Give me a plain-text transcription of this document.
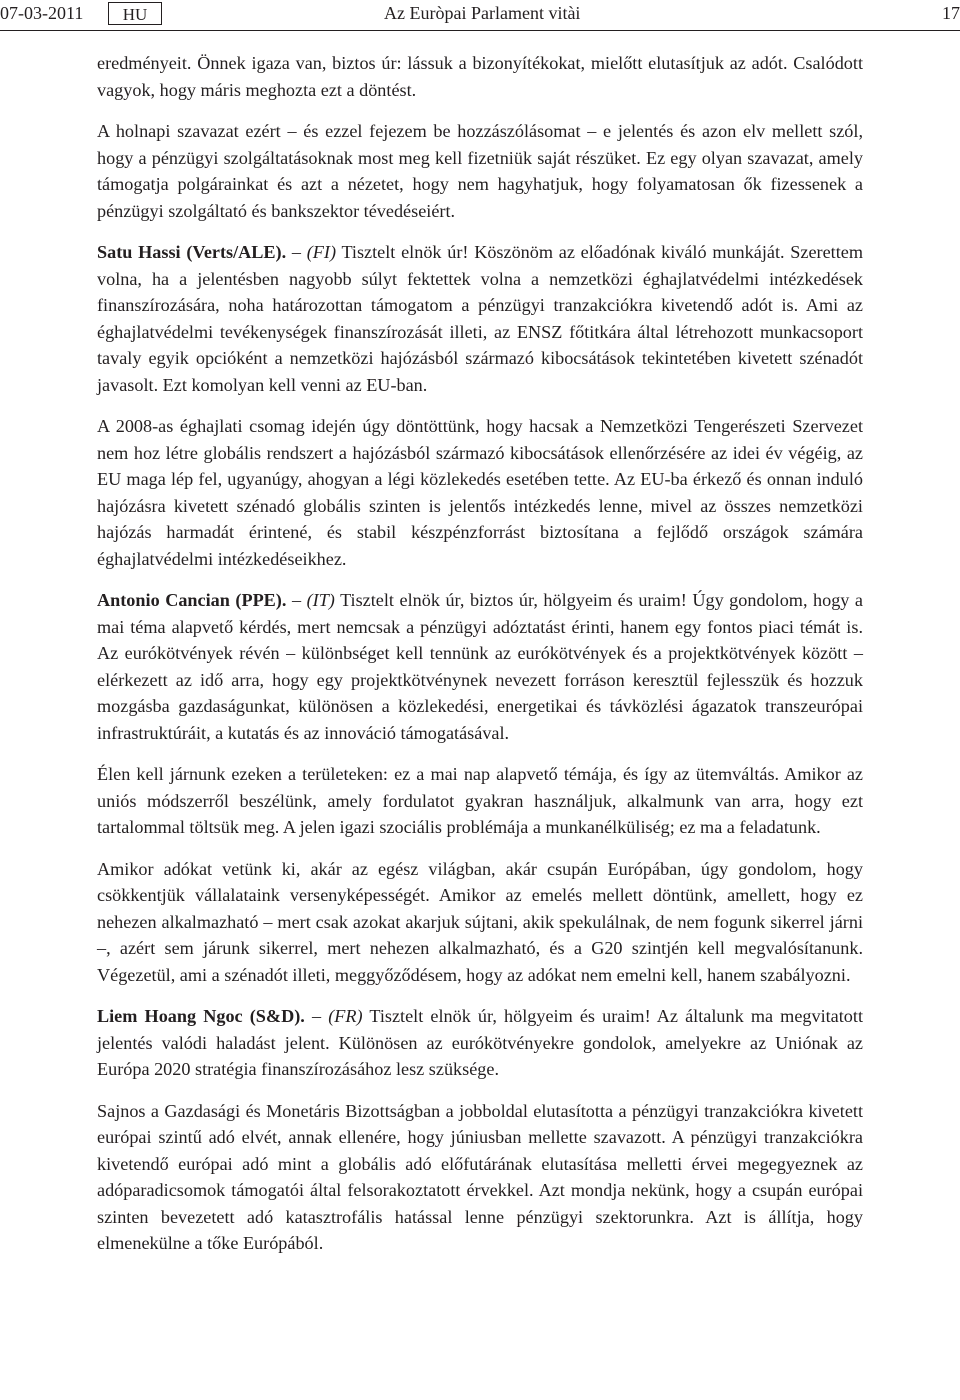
07-03-2011	HU	Az Euròpai Parlament vitài	17

eredményeit. Önnek igaza van, biztos úr: lássuk a bizonyítékokat, mielőtt elutasítjuk az adót. Csalódott vagyok, hogy máris meghozta ezt a döntést.

A holnapi szavazat ezért – és ezzel fejezem be hozzászólásomat – e jelentés és azon elv mellett szól, hogy a pénzügyi szolgáltatásoknak most meg kell fizetniük saját részüket. Ez egy olyan szavazat, amely támogatja polgárainkat és azt a nézetet, hogy nem hagyhatjuk, hogy folyamatosan ők fizessenek a pénzügyi szolgáltató és bankszektor tévedéseiért.

Satu Hassi (Verts/ALE). – (FI) Tisztelt elnök úr! Köszönöm az előadónak kiváló munkáját. Szerettem volna, ha a jelentésben nagyobb súlyt fektettek volna a nemzetközi éghajlatvédelmi intézkedések finanszírozására, noha határozottan támogatom a pénzügyi tranzakciókra kivetendő adót is. Ami az éghajlatvédelmi tevékenységek finanszírozását illeti, az ENSZ főtitkára által létrehozott munkacsoport tavaly egyik opcióként a nemzetközi hajózásból származó kibocsátások tekintetében kivetett szénadót javasolt. Ezt komolyan kell venni az EU-ban.

A 2008-as éghajlati csomag idején úgy döntöttünk, hogy hacsak a Nemzetközi Tengerészeti Szervezet nem hoz létre globális rendszert a hajózásból származó kibocsátások ellenőrzésére az idei év végéig, az EU maga lép fel, ugyanúgy, ahogyan a légi közlekedés esetében tette. Az EU-ba érkező és onnan induló hajózásra kivetett szénadó globális szinten is jelentős intézkedés lenne, mivel az összes nemzetközi hajózás harmadát érintené, és stabil készpénzforrást biztosítana a fejlődő országok számára éghajlatvédelmi intézkedéseikhez.

Antonio Cancian (PPE). – (IT) Tisztelt elnök úr, biztos úr, hölgyeim és uraim! Úgy gondolom, hogy a mai téma alapvető kérdés, mert nemcsak a pénzügyi adóztatást érinti, hanem egy fontos piaci témát is. Az eurókötvények révén – különbséget kell tennünk az eurókötvények és a projektkötvények között – elérkezett az idő arra, hogy egy projektkötvénynek nevezett forráson keresztül fejlesszük és hozzuk mozgásba gazdaságunkat, különösen a közlekedési, energetikai és távközlési ágazatok transzeurópai infrastruktúráit, a kutatás és az innováció támogatásával.

Élen kell járnunk ezeken a területeken: ez a mai nap alapvető témája, és így az ütemváltás. Amikor az uniós módszerről beszélünk, amely fordulatot gyakran használjuk, alkalmunk van arra, hogy ezt tartalommal töltsük meg. A jelen igazi szociális problémája a munkanélküliség; ez ma a feladatunk.

Amikor adókat vetünk ki, akár az egész világban, akár csupán Európában, úgy gondolom, hogy csökkentjük vállalataink versenyképességét. Amikor az emelés mellett döntünk, amellett, hogy ez nehezen alkalmazható – mert csak azokat akarjuk sújtani, akik spekulálnak, de nem fogunk sikerrel járni –, azért sem járunk sikerrel, mert nehezen alkalmazható, és a G20 szintjén kell megvalósítanunk. Végezetül, ami a szénadót illeti, meggyőződésem, hogy az adókat nem emelni kell, hanem szabályozni.

Liem Hoang Ngoc (S&D). – (FR) Tisztelt elnök úr, hölgyeim és uraim! Az általunk ma megvitatott jelentés valódi haladást jelent. Különösen az eurókötvényekre gondolok, amelyekre az Uniónak az Európa 2020 stratégia finanszírozásához lesz szüksége.

Sajnos a Gazdasági és Monetáris Bizottságban a jobboldal elutasította a pénzügyi tranzakciókra kivetett európai szintű adó elvét, annak ellenére, hogy júniusban mellette szavazott. A pénzügyi tranzakciókra kivetendő európai adó mint a globális adó előfutárának elutasítása melletti érvei megegyeznek az adóparadicsomok támogatói által felsorakoztatott érvekkel. Azt mondja nekünk, hogy a csupán európai szinten bevezetett adó katasztrofális hatással lenne pénzügyi szektorunkra. Azt is állítja, hogy elmenekülne a tőke Európából.
